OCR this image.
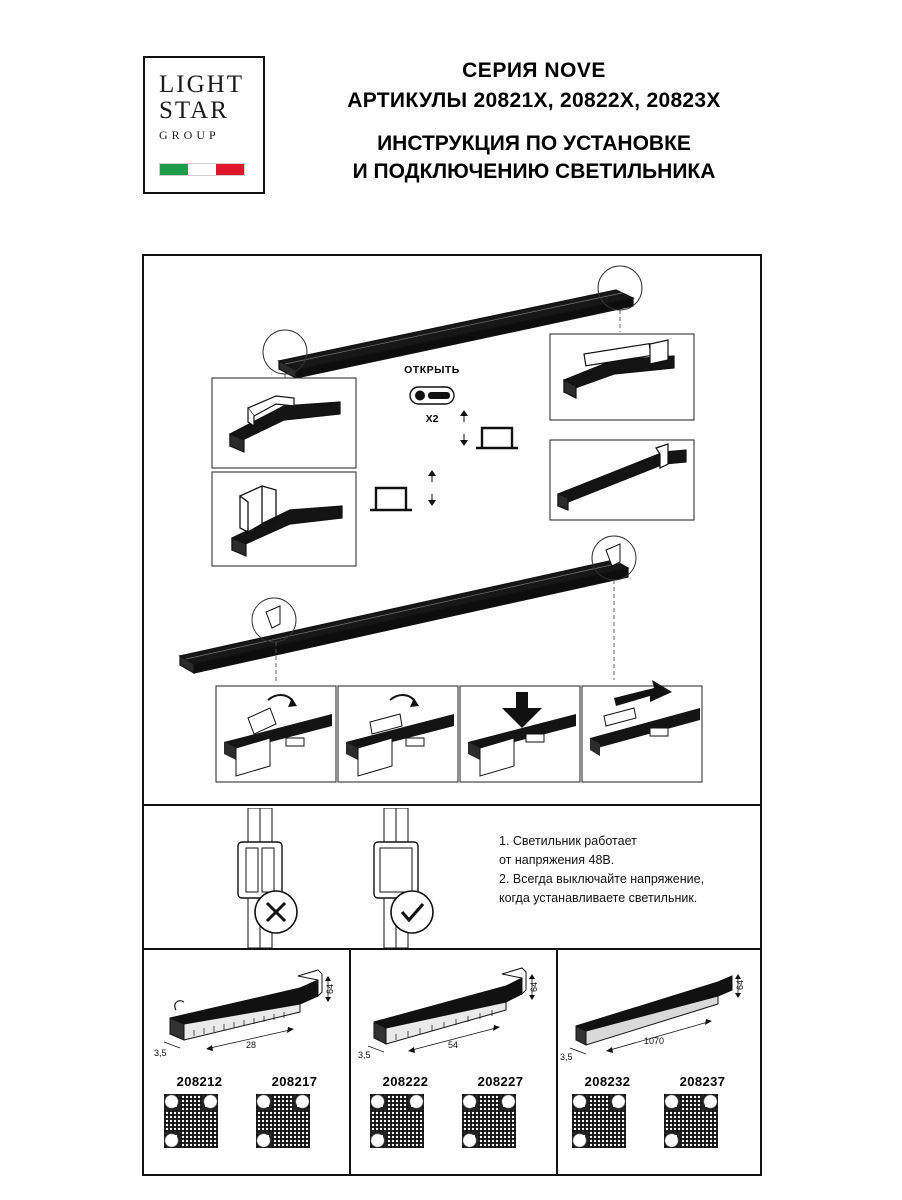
LIGHT
STAR
GROUP
СЕРИЯ NOVE
АРТИКУЛЫ 20821X, 20822X, 20823X
ИНСТРУКЦИЯ ПО УСТАНОВКЕ
И ПОДКЛЮЧЕНИЮ СВЕТИЛЬНИКА
ОТКРЫТЬ
X2
1. Светильник работает
от напряжения 48В.
2. Всегда выключайте напряжение,
когда устанавливаете светильник.
64
28
3,5
208212	208217
64
54
3,5
208222	208227
64
1070
3,5
208232	208237
